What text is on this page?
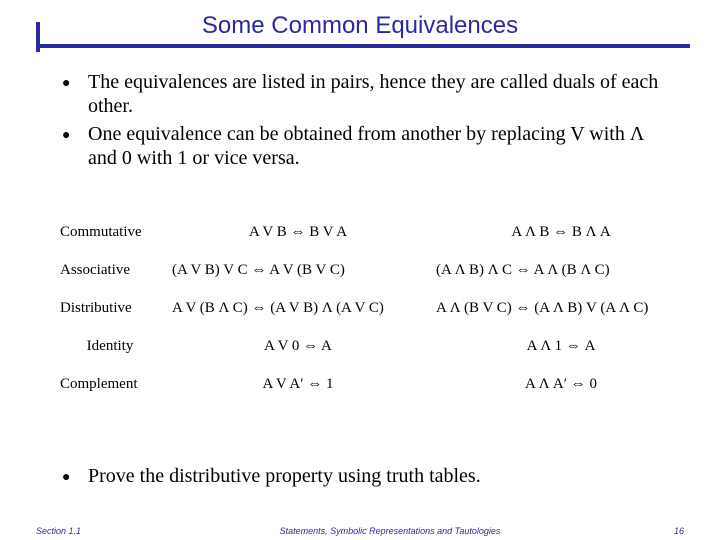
Some Common Equivalences
● The equivalences are listed in pairs, hence they are called duals of each other.
● One equivalence can be obtained from another by replacing V with Λ and 0 with 1 or vice versa.
Commutative	A V B ⇔ B V A	A Λ B ⇔ B Λ A
Associative	(A V B) V C ⇔ A V (B V C)	(A Λ B) Λ C ⇔ A Λ (B Λ C)
Distributive	A V (B Λ C) ⇔ (A V B) Λ (A V C)	A Λ (B V C) ⇔ (A Λ B) V (A Λ C)
Identity	A V 0 ⇔ A	A Λ 1 ⇔ A
Complement	A V A′ ⇔ 1	A Λ A′ ⇔ 0
● Prove the distributive property using truth tables.
Section 1.1	Statements, Symbolic Representations and Tautologies	16
